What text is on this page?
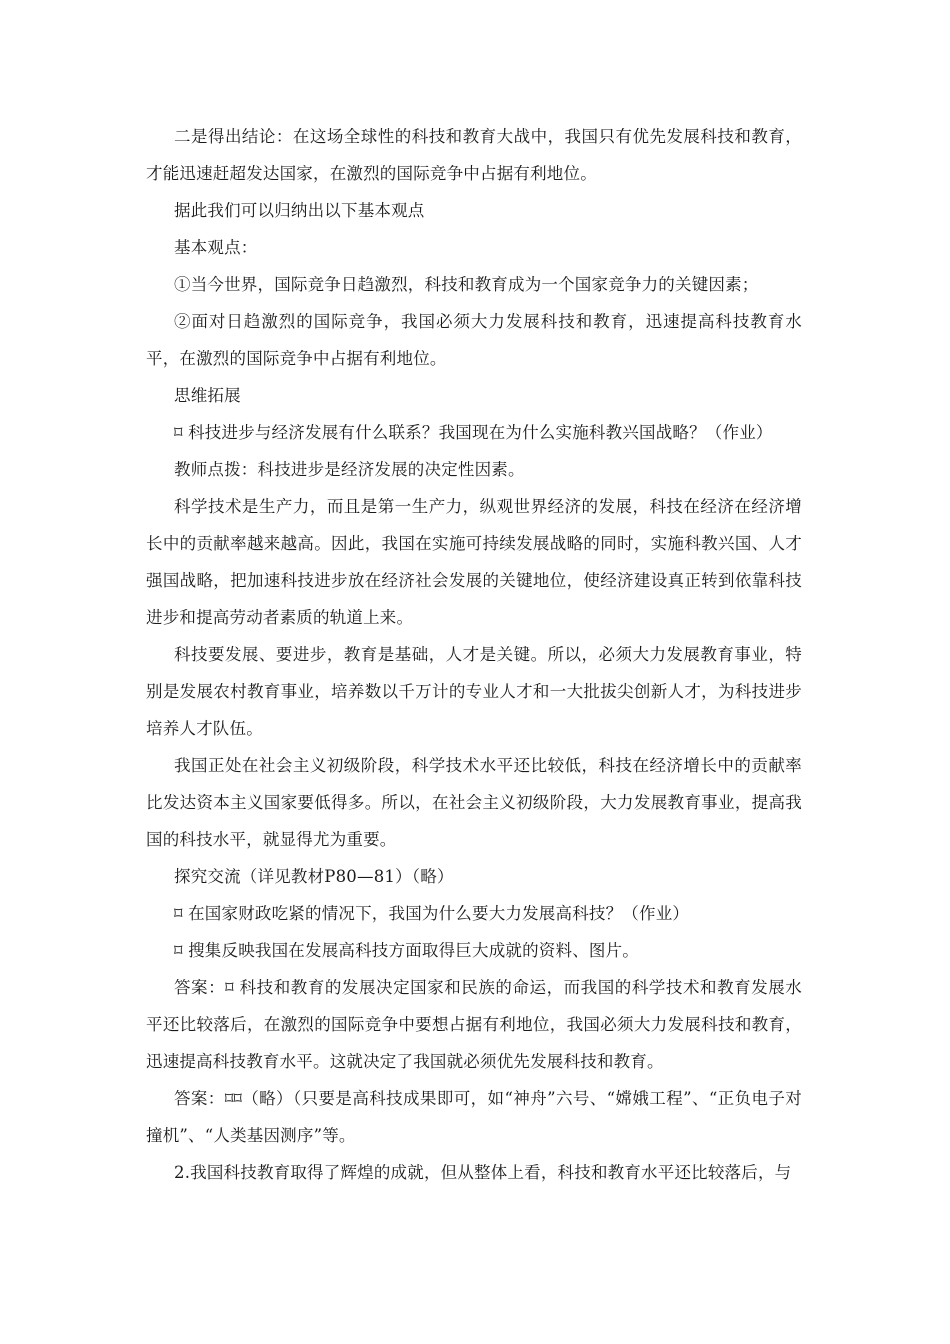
二是得出结论：在这场全球性的科技和教育大战中，我国只有优先发展科技和教育，才能迅速赶超发达国家，在激烈的国际竞争中占据有利地位。

据此我们可以归纳出以下基本观点

基本观点：

①当今世界，国际竞争日趋激烈，科技和教育成为一个国家竞争力的关键因素；

②面对日趋激烈的国际竞争，我国必须大力发展科技和教育，迅速提高科技教育水平，在激烈的国际竞争中占据有利地位。

思维拓展

⌑ 科技进步与经济发展有什么联系？我国现在为什么实施科教兴国战略？（作业）

教师点拨：科技进步是经济发展的决定性因素。

科学技术是生产力，而且是第一生产力，纵观世界经济的发展，科技在经济在经济增长中的贡献率越来越高。因此，我国在实施可持续发展战略的同时，实施科教兴国、人才强国战略，把加速科技进步放在经济社会发展的关键地位，使经济建设真正转到依靠科技进步和提高劳动者素质的轨道上来。

科技要发展、要进步，教育是基础，人才是关键。所以，必须大力发展教育事业，特别是发展农村教育事业，培养数以千万计的专业人才和一大批拔尖创新人才，为科技进步培养人才队伍。

我国正处在社会主义初级阶段，科学技术水平还比较低，科技在经济增长中的贡献率比发达资本主义国家要低得多。所以，在社会主义初级阶段，大力发展教育事业，提高我国的科技水平，就显得尤为重要。

探究交流（详见教材P80—81）（略）

⌑ 在国家财政吃紧的情况下，我国为什么要大力发展高科技？（作业）

⌑ 搜集反映我国在发展高科技方面取得巨大成就的资料、图片。

答案：⌑ 科技和教育的发展决定国家和民族的命运，而我国的科学技术和教育发展水平还比较落后，在激烈的国际竞争中要想占据有利地位，我国必须大力发展科技和教育，迅速提高科技教育水平。这就决定了我国就必须优先发展科技和教育。

答案：⌑⌑（略）（只要是高科技成果即可，如“神舟”六号、“嫦娥工程”、“正负电子对撞机”、“人类基因测序”等。

2.我国科技教育取得了辉煌的成就，但从整体上看，科技和教育水平还比较落后，与
